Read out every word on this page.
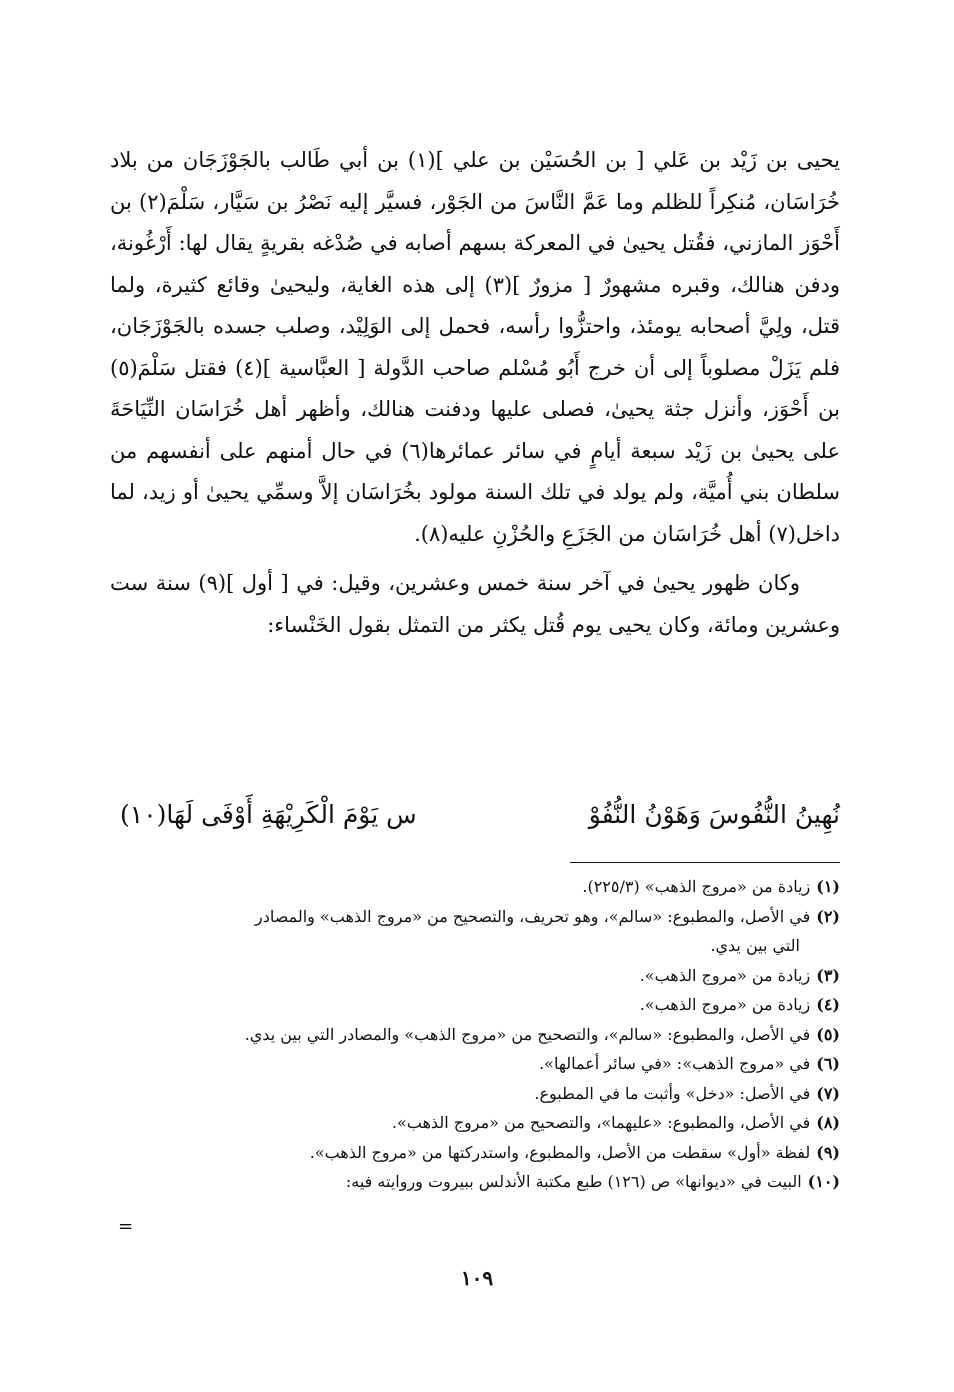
يحيى بن زَيْد بن عَلي [ بن الحُسَيْن بن علي ](١) بن أبي طَالب بالجَوْزَجَان من بلاد خُرَاسَان، مُنكِراً للظلم وما عَمَّ النَّاسَ من الجَوْر، فسيَّر إليه نَصْرُ بن سَيَّار، سَلْمَ(٢) بن أَحْوَز المازني، فقُتل يحيىٰ في المعركة بسهم أصابه في صُدْغه بقريةٍ يقال لها: أَرْغُونة، ودفن هنالك، وقبره مشهورٌ [ مزورٌ ](٣) إلى هذه الغاية، وليحيىٰ وقائع كثيرة، ولما قتل، ولِيَّ أصحابه يومئذ، واحتزُّوا رأسه، فحمل إلى الوَلِيْد، وصلب جسده بالجَوْزَجَان، فلم يَزَلْ مصلوباً إلى أن خرج أَبُو مُسْلم صاحب الدَّولة [ العبَّاسية ](٤) فقتل سَلْمَ(٥) بن أَحْوَز، وأنزل جثة يحيىٰ، فصلى عليها ودفنت هنالك، وأظهر أهل خُرَاسَان النِّيَاحَةَ على يحيىٰ بن زَيْد سبعة أيامٍ في سائر عمائرها(٦) في حال أمنهم على أنفسهم من سلطان بني أُميَّة، ولم يولد في تلك السنة مولود بخُرَاسَان إلاَّ وسمِّي يحيىٰ أو زيد، لما داخل(٧) أهل خُرَاسَان من الجَزَعِ والحُزْنِ عليه(٨).

وكان ظهور يحيىٰ في آخر سنة خمس وعشرين، وقيل: في [ أول ](٩) سنة ست وعشرين ومائة، وكان يحيى يوم قُتل يكثر من التمثل بقول الخَنْساء:

نُهِينُ النُّفُوسَ وَهَوْنُ النُّفُوْ
س يَوْمَ الْكَرِيْهَةِ أَوْفَى لَهَا(١٠)

(١)زيادة من «مروج الذهب» (٢٢٥/٣).

(٢)في الأصل، والمطبوع: «سالم»، وهو تحريف، والتصحيح من «مروج الذهب» والمصادر

التي بين يدي.

(٣)زيادة من «مروج الذهب».

(٤)زيادة من «مروج الذهب».

(٥)في الأصل، والمطبوع: «سالم»، والتصحيح من «مروج الذهب» والمصادر التي بين يدي.

(٦)في «مروج الذهب»: «في سائر أعمالها».

(٧)في الأصل: «دخل» وأثبت ما في المطبوع.

(٨)في الأصل، والمطبوع: «عليهما»، والتصحيح من «مروج الذهب».

(٩)لفظة «أول» سقطت من الأصل، والمطبوع، واستدركتها من «مروج الذهب».

(١٠)البيت في «ديوانها» ص (١٢٦) طبع مكتبة الأندلس ببيروت وروايته فيه:

=
١٠٩
